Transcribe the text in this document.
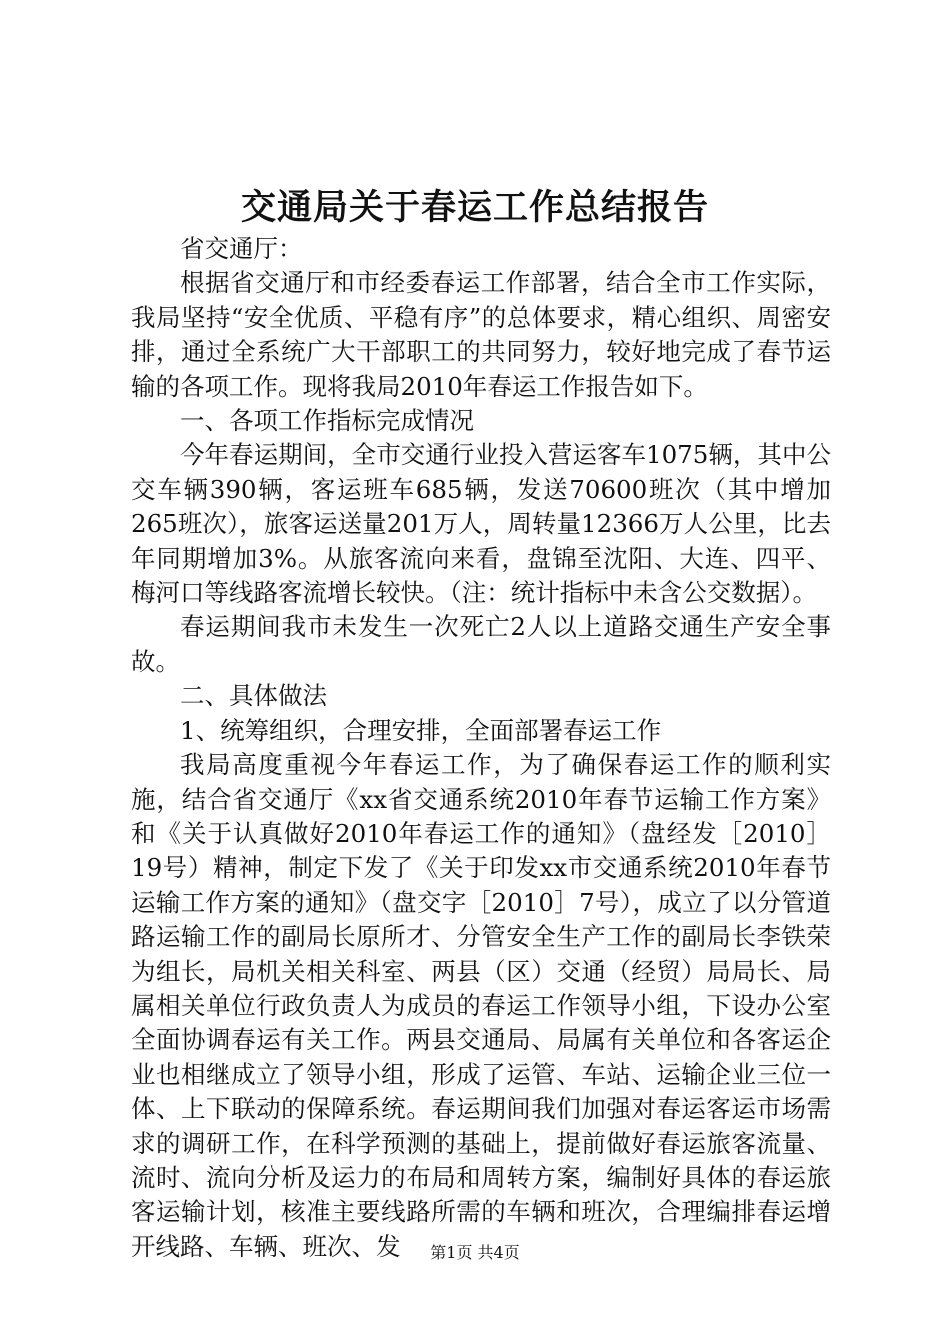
交通局关于春运工作总结报告

省交通厅：

根据省交通厅和市经委春运工作部署，结合全市工作实际，我局坚持“安全优质、平稳有序”的总体要求，精心组织、周密安排，通过全系统广大干部职工的共同努力，较好地完成了春节运输的各项工作。现将我局2010年春运工作报告如下。

一、各项工作指标完成情况

今年春运期间，全市交通行业投入营运客车1075辆，其中公交车辆390辆，客运班车685辆，发送70600班次（其中增加265班次），旅客运送量201万人，周转量12366万人公里，比去年同期增加3%。从旅客流向来看，盘锦至沈阳、大连、四平、梅河口等线路客流增长较快。（注：统计指标中未含公交数据）。

春运期间我市未发生一次死亡2人以上道路交通生产安全事故。

二、具体做法

1、统筹组织，合理安排，全面部署春运工作

我局高度重视今年春运工作，为了确保春运工作的顺利实施，结合省交通厅《xx省交通系统2010年春节运输工作方案》和《关于认真做好2010年春运工作的通知》（盘经发［2010］19号）精神，制定下发了《关于印发xx市交通系统2010年春节运输工作方案的通知》（盘交字［2010］7号），成立了以分管道路运输工作的副局长原所才、分管安全生产工作的副局长李铁荣为组长，局机关相关科室、两县（区）交通（经贸）局局长、局属相关单位行政负责人为成员的春运工作领导小组，下设办公室全面协调春运有关工作。两县交通局、局属有关单位和各客运企业也相继成立了领导小组，形成了运管、车站、运输企业三位一体、上下联动的保障系统。春运期间我们加强对春运客运市场需求的调研工作，在科学预测的基础上，提前做好春运旅客流量、流时、流向分析及运力的布局和周转方案，编制好具体的春运旅客运输计划，核准主要线路所需的车辆和班次，合理编排春运增开线路、车辆、班次、发	第1页 共4页
